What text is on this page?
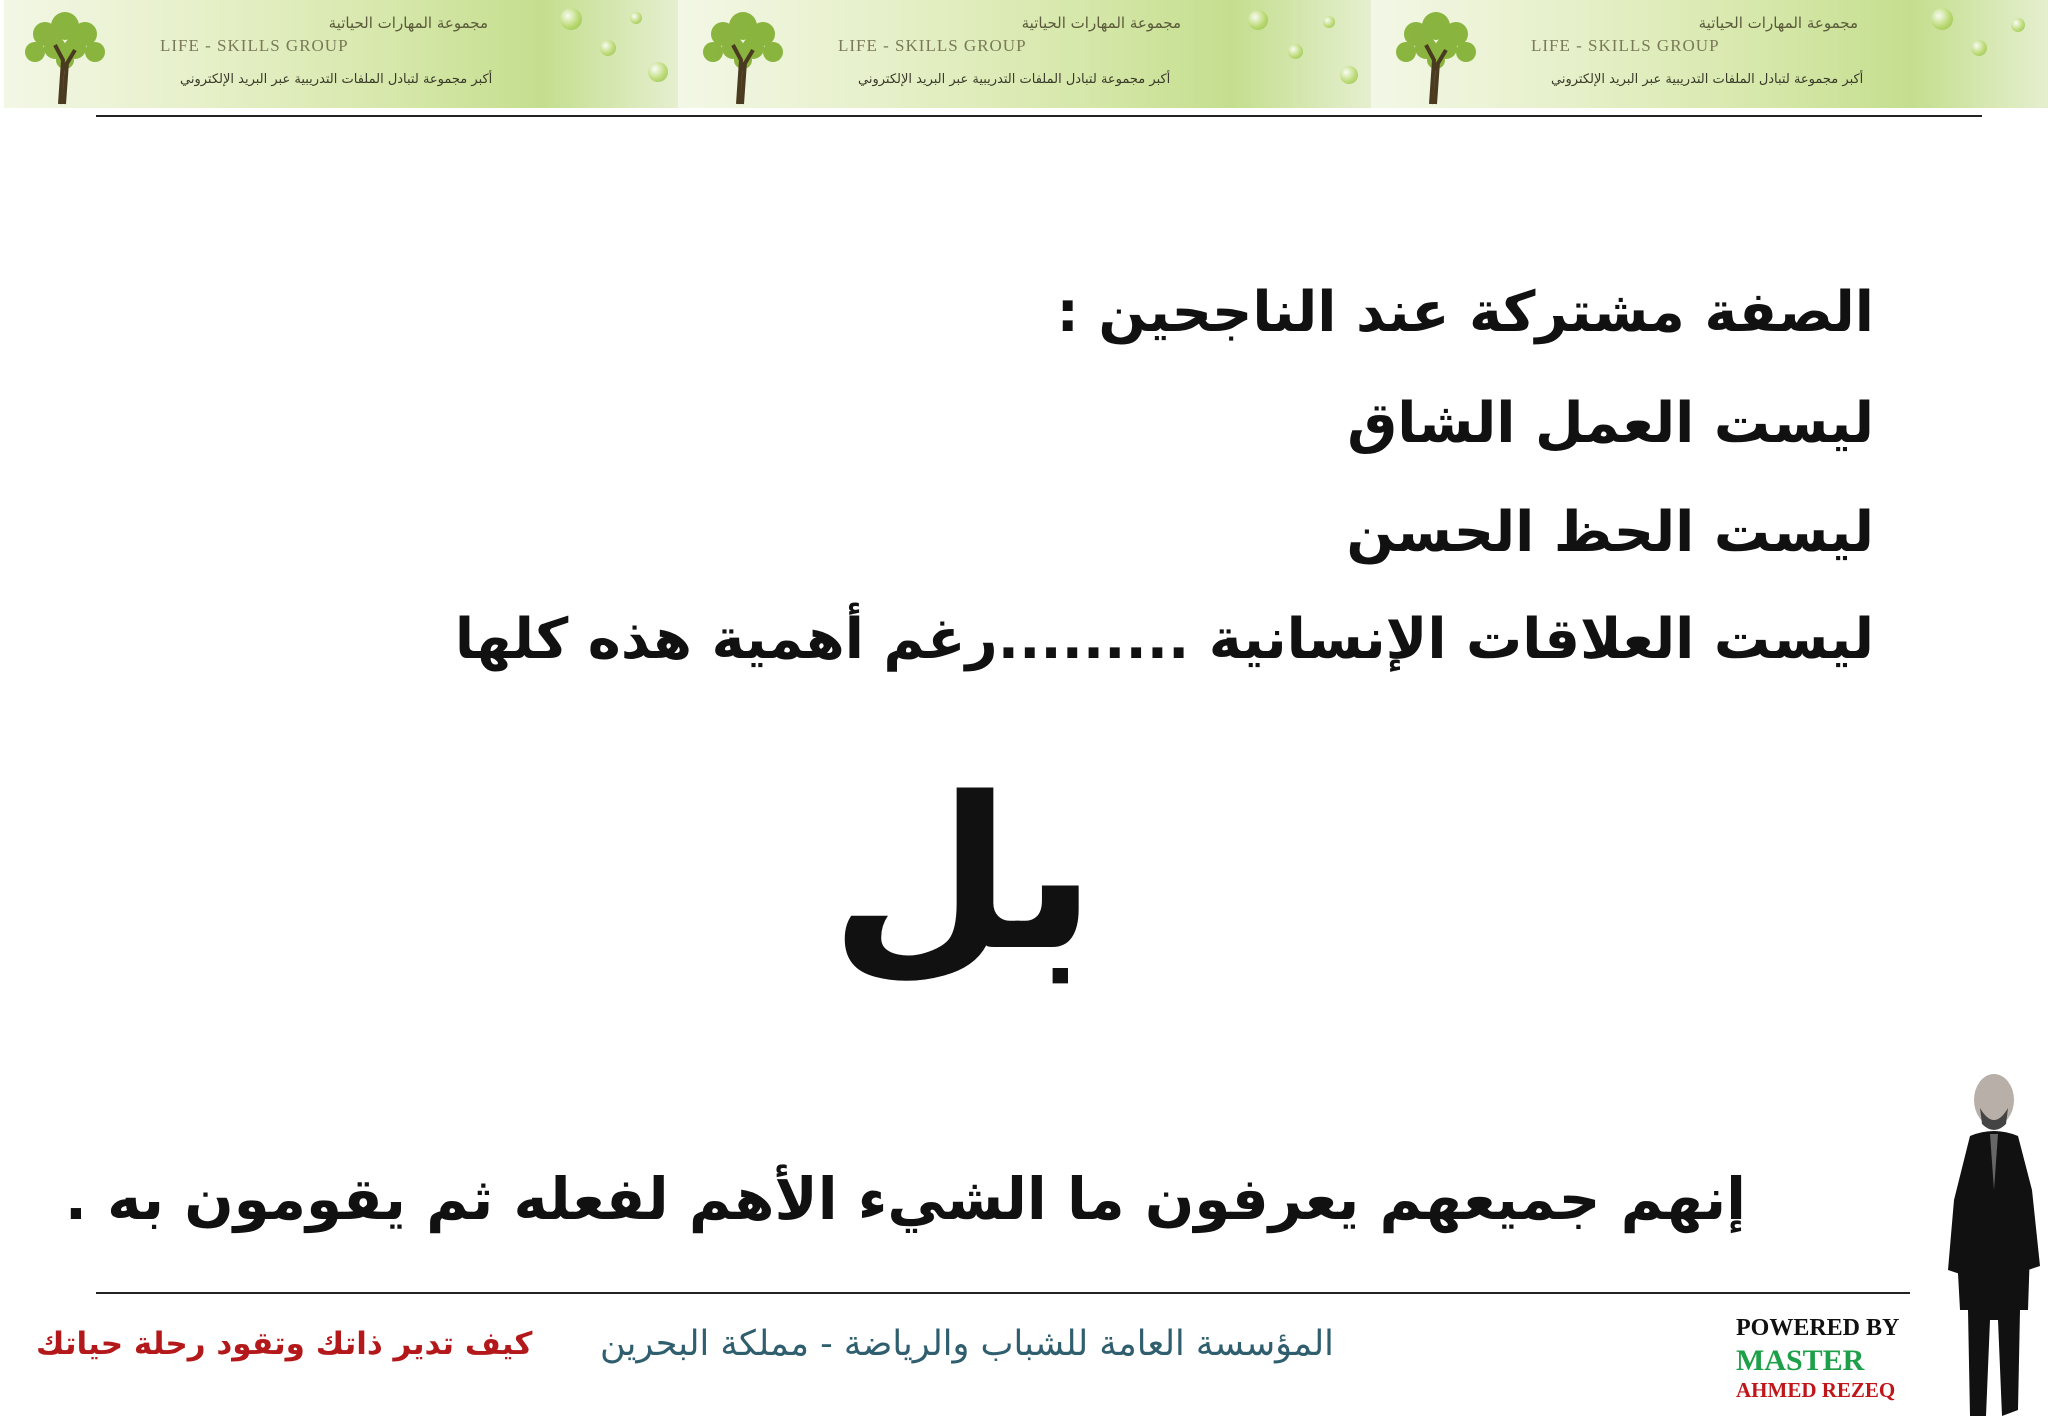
مجموعة المهارات الحياتية
LIFE - SKILLS GROUP
أكبر مجموعة لتبادل الملفات التدريبية عبر البريد الإلكتروني
مجموعة المهارات الحياتية
LIFE - SKILLS GROUP
أكبر مجموعة لتبادل الملفات التدريبية عبر البريد الإلكتروني
مجموعة المهارات الحياتية
LIFE - SKILLS GROUP
أكبر مجموعة لتبادل الملفات التدريبية عبر البريد الإلكتروني
الصفة مشتركة عند الناجحين :
ليست العمل الشاق
ليست الحظ الحسن
ليست العلاقات الإنسانية .........رغم أهمية هذه كلها
بل
إنهم جميعهم يعرفون ما الشيء الأهم لفعله ثم يقومون به .
كيف تدير ذاتك وتقود رحلة حياتك المؤسسة العامة للشباب والرياضة - مملكة البحرين	POWERED BY
MASTER
AHMED REZEQ
